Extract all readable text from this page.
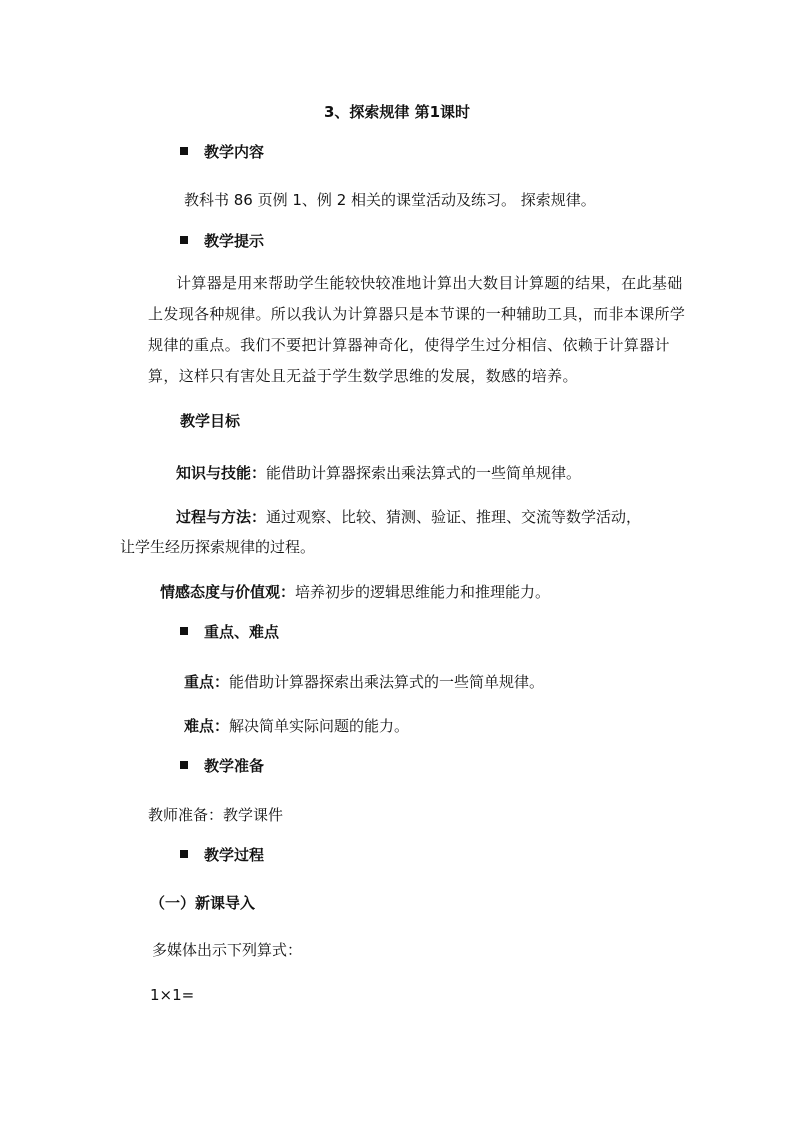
3、探索规律 第1课时
教学内容
教科书 86 页例 1、例 2 相关的课堂活动及练习。 探索规律。
教学提示
计算器是用来帮助学生能较快较准地计算出大数目计算题的结果，在此基础上发现各种规律。所以我认为计算器只是本节课的一种辅助工具，而非本课所学规律的重点。我们不要把计算器神奇化，使得学生过分相信、依赖于计算器计算，这样只有害处且无益于学生数学思维的发展，数感的培养。
教学目标
知识与技能：能借助计算器探索出乘法算式的一些简单规律。
过程与方法：通过观察、比较、猜测、验证、推理、交流等数学活动，
让学生经历探索规律的过程。
情感态度与价值观：培养初步的逻辑思维能力和推理能力。
重点、难点
重点：能借助计算器探索出乘法算式的一些简单规律。
难点：解决简单实际问题的能力。
教学准备
教师准备：教学课件
教学过程
（一）新课导入
多媒体出示下列算式：
1×1=
